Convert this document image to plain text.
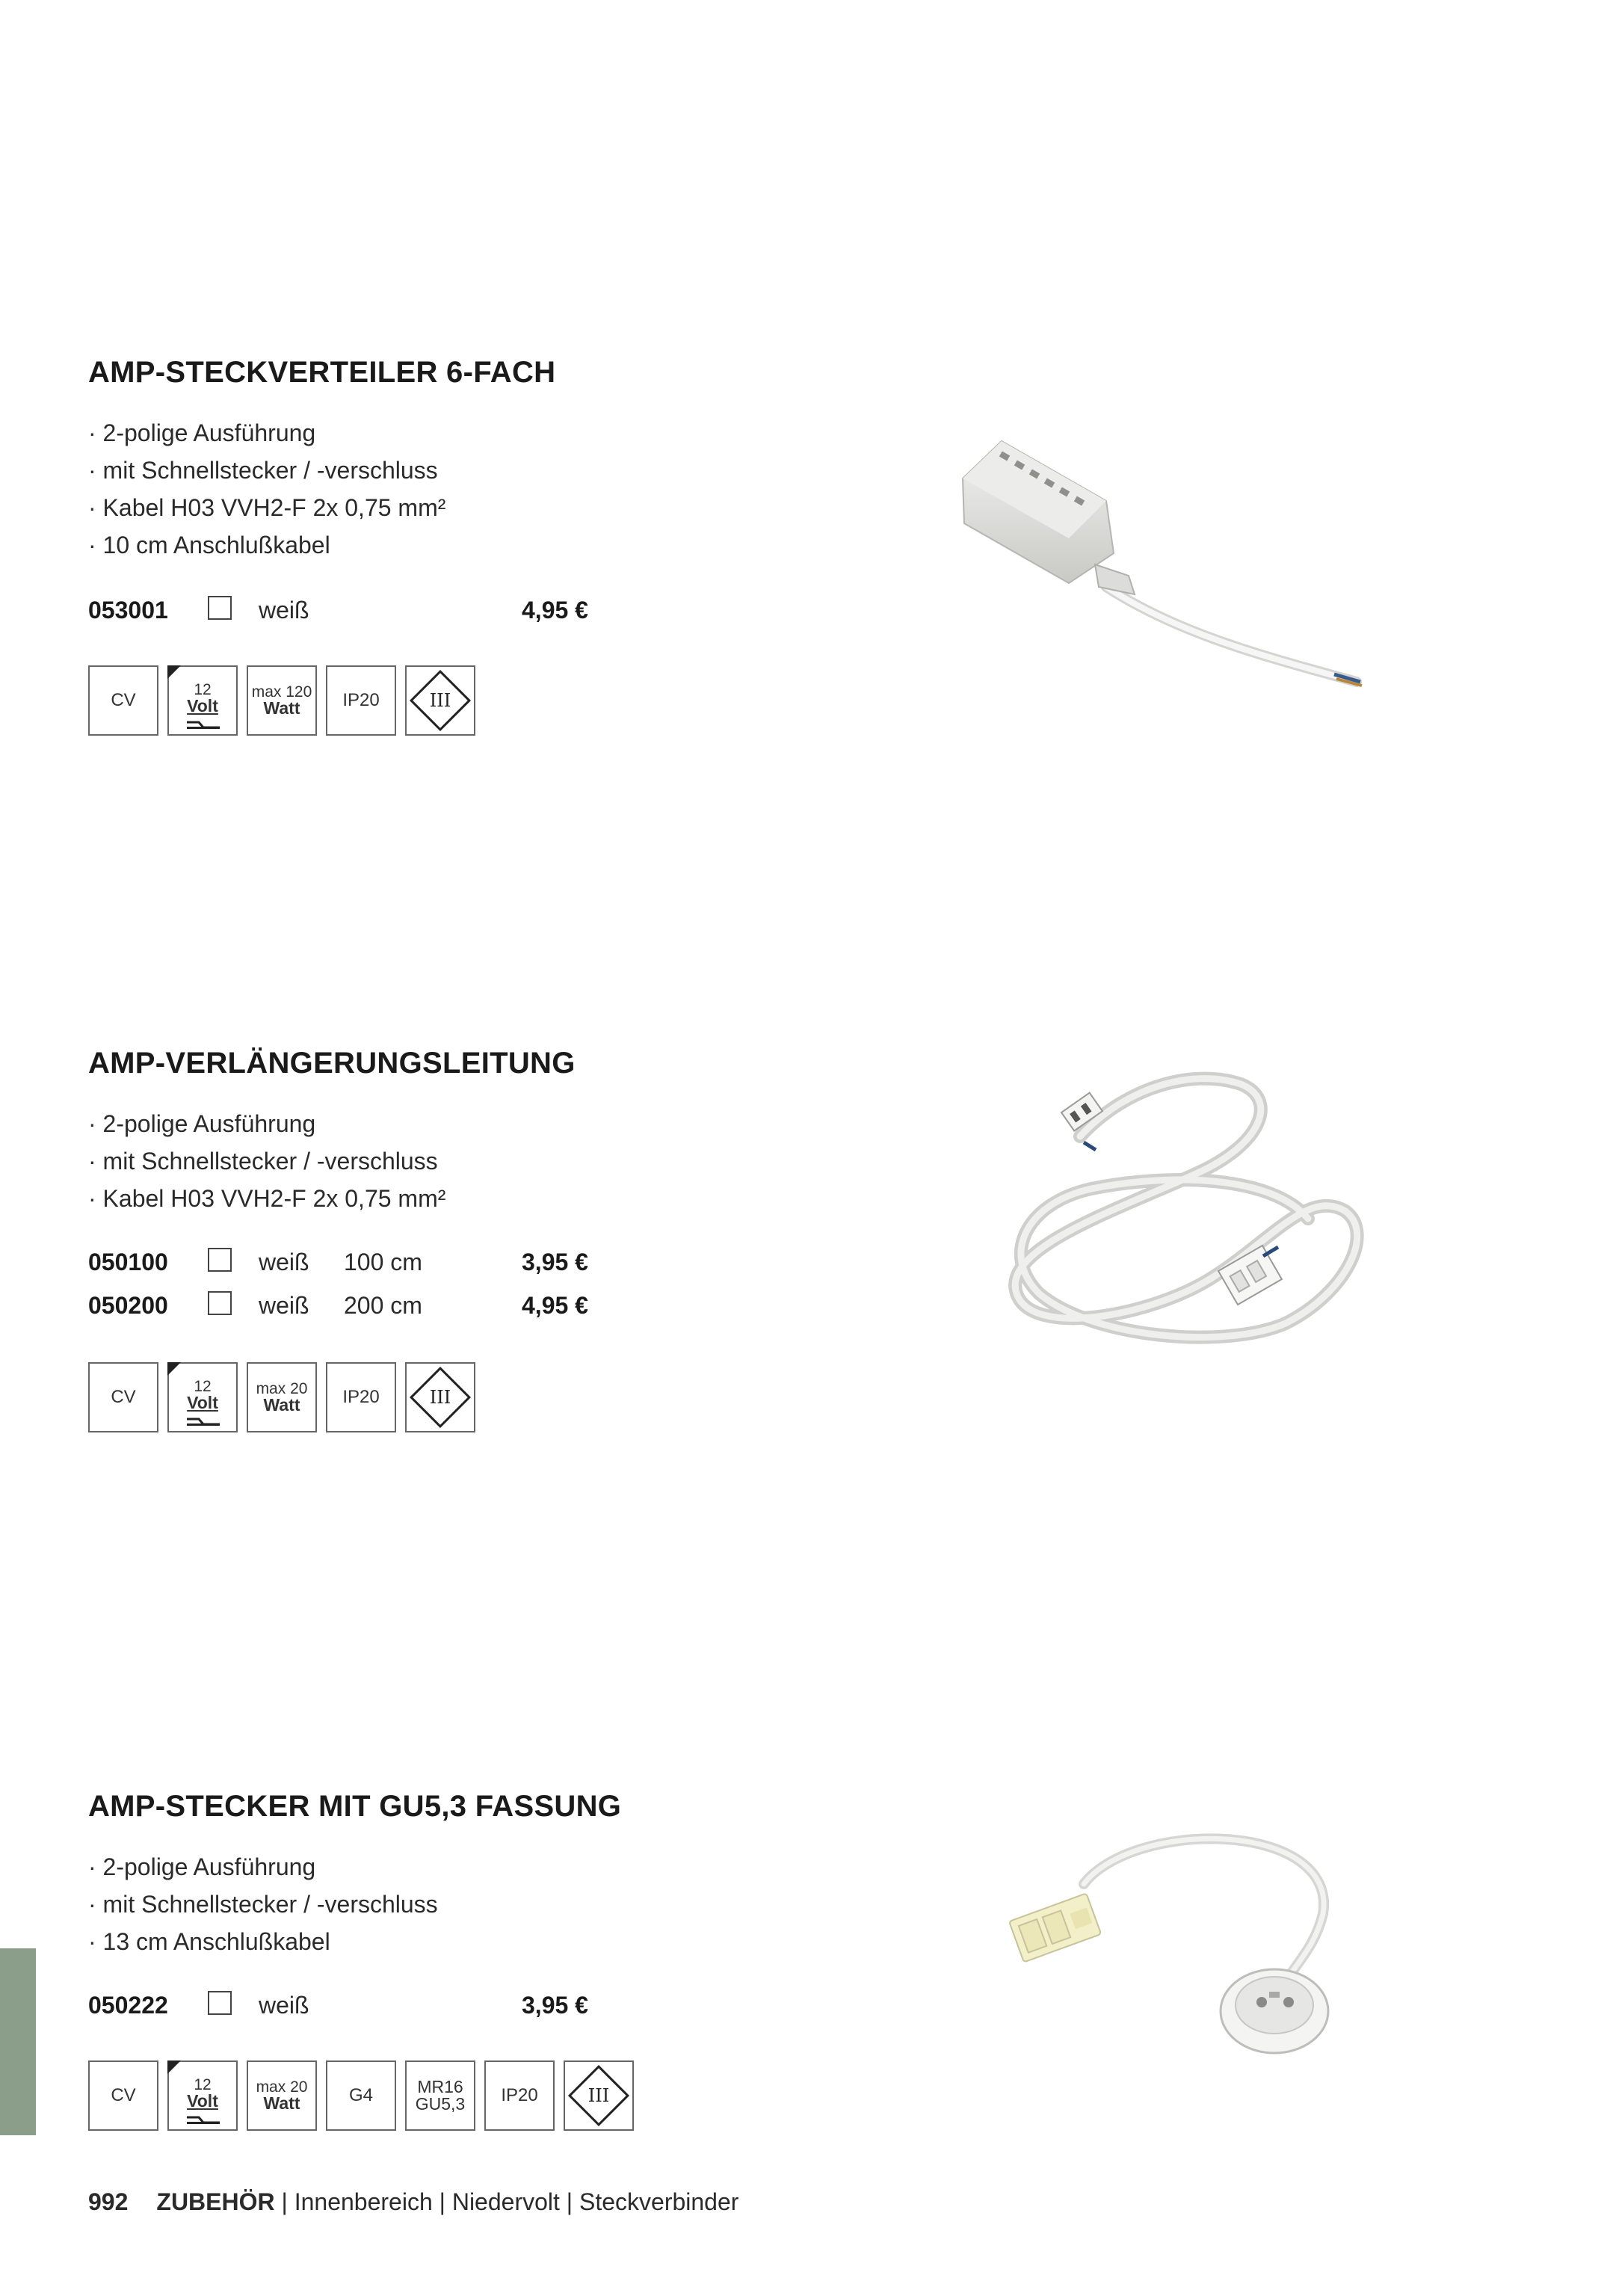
AMP-STECKVERTEILER 6-FACH
· 2-polige Ausführung
· mit Schnellstecker / -verschluss
· Kabel H03 VVH2-F 2x 0,75 mm²
· 10 cm Anschlußkabel
053001	weiß	4,95 €
CV
12
Volt
max 120
Watt IP20	III
AMP-VERLÄNGERUNGSLEITUNG
· 2-polige Ausführung
· mit Schnellstecker / -verschluss
· Kabel H03 VVH2-F 2x 0,75 mm²
050100	weiß 100 cm	3,95 €
050200	weiß 200 cm	4,95 €
CV
12
Volt
max 20
Watt IP20	III
AMP-STECKER MIT GU5,3 FASSUNG
· 2-polige Ausführung
· mit Schnellstecker / -verschluss
· 13 cm Anschlußkabel
050222	weiß	3,95 €
CV
12
Volt
max 20
Watt	G4	MR16
GU5,3 IP20	III
992 ZUBEHÖR | Innenbereich | Niedervolt | Steckverbinder
